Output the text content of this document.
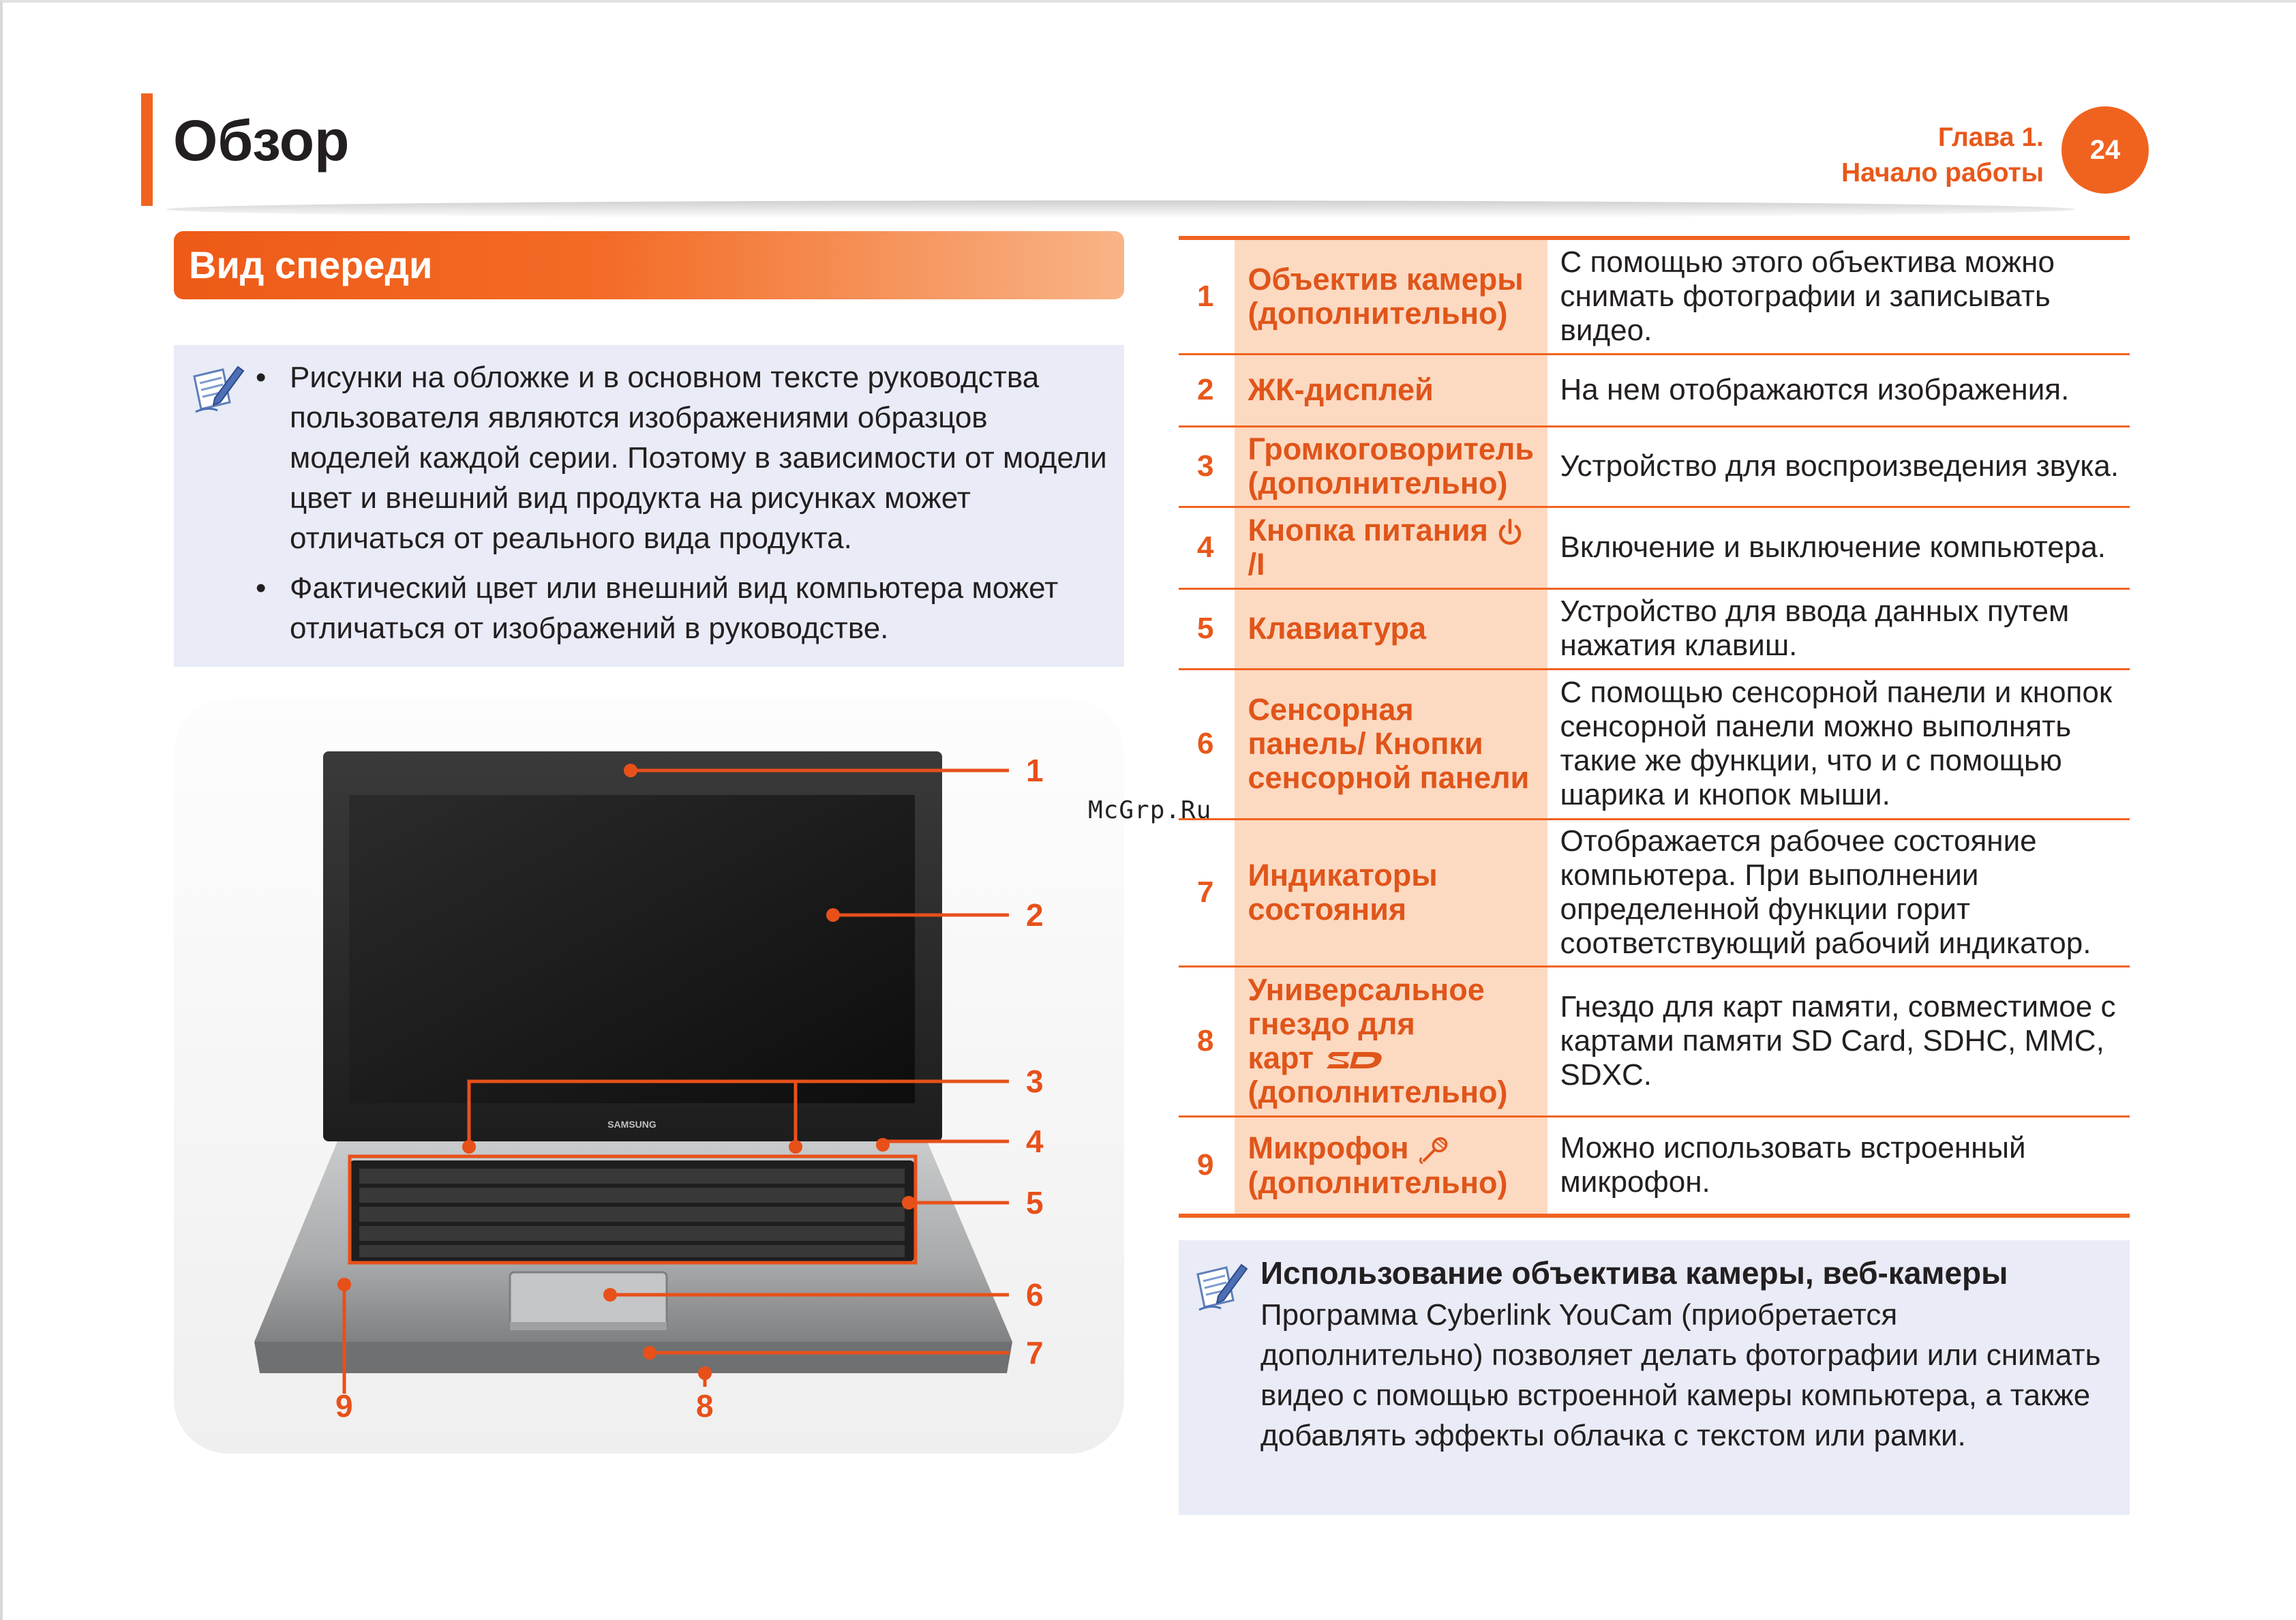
Обзор	Глава 1.
Начало работы
24
Вид спереди
• Рисунки на обложке и в основном тексте руководства пользователя являются изображениями образцов моделей каждой серии. Поэтому в зависимости от модели цвет и внешний вид продукта на рисунках может отличаться от реального вида продукта.
• Фактический цвет или внешний вид компьютера может отличаться от изображений в руководстве.
SAMSUNG
1
2
3
4
5
6
7
8
9
McGrp.Ru
1	Объектив камеры (дополнительно)	С помощью этого объектива можно снимать фотографии и записывать видео.
2	ЖК-дисплей	На нем отображаются изображения.
3	Громкоговоритель (дополнительно)	Устройство для воспроизведения звука.
4	Кнопка питания /I	Включение и выключение компьютера.
5	Клавиатура	Устройство для ввода данных путем нажатия клавиш.
6	Сенсорная панель/ Кнопки сенсорной панели	С помощью сенсорной панели и кнопок сенсорной панели можно выполнять такие же функции, что и с помощью шарика и кнопок мыши.
7	Индикаторы состояния	Отображается рабочее состояние компьютера. При выполнении определенной функции горит соответствующий рабочий индикатор.
8	Универсальное гнездо для
карт
(дополнительно)	Гнездо для карт памяти, совместимое с картами памяти SD Card, SDHC, MMC, SDXC.
9	Микрофон
(дополнительно)	Можно использовать встроенный микрофон.
Использование объектива камеры, веб-камеры
Программа Cyberlink YouCam (приобретается дополнительно) позволяет делать фотографии или снимать видео с помощью встроенной камеры компьютера, а также добавлять эффекты облачка с текстом или рамки.
